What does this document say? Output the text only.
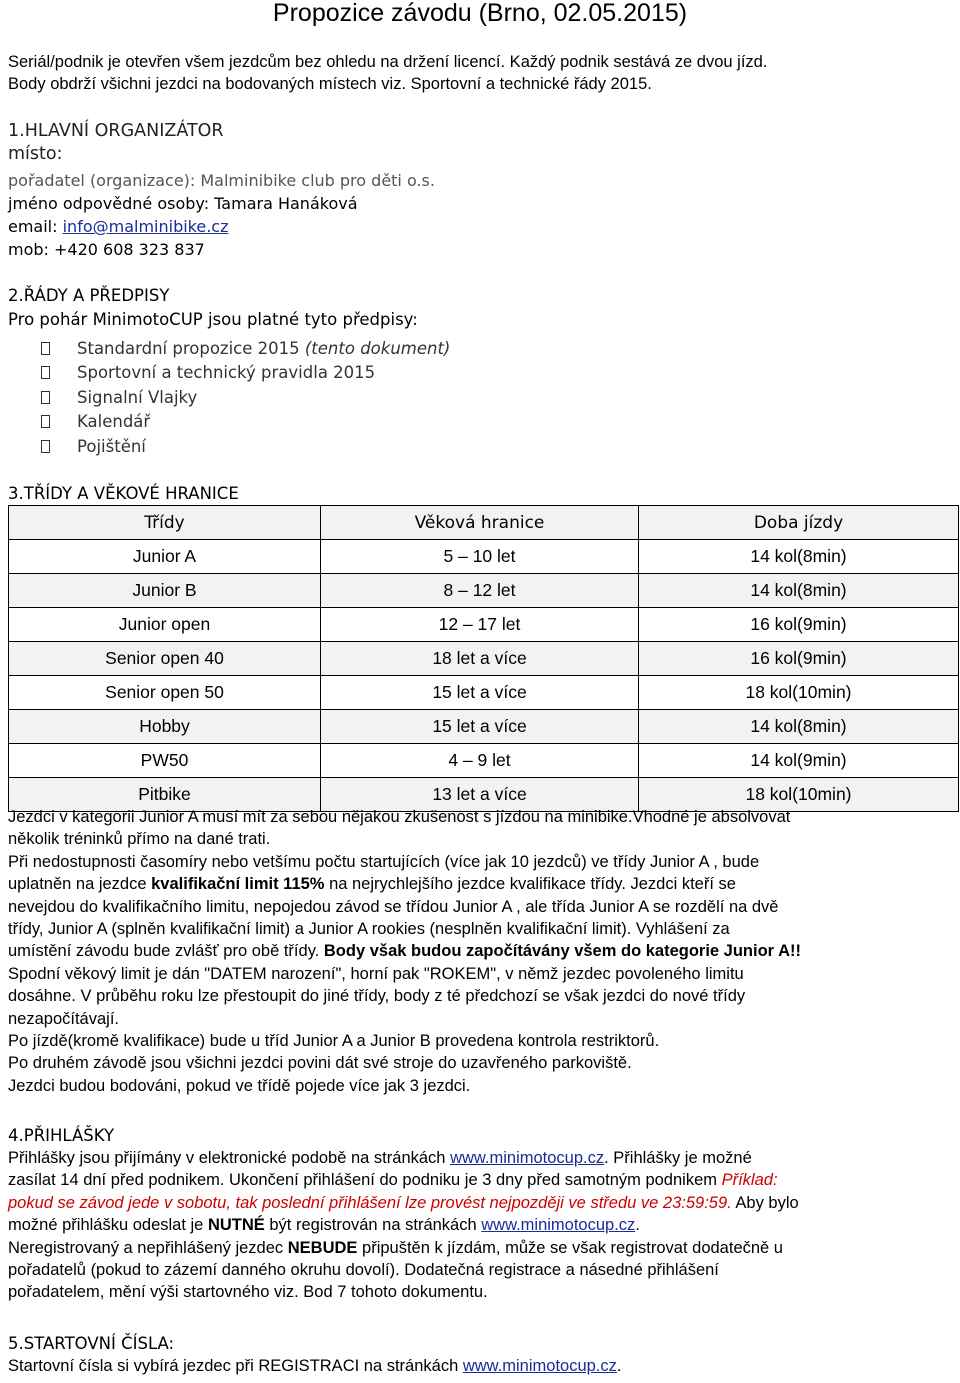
Propozice závodu (Brno, 02.05.2015)
Seriál/podnik je otevřen všem jezdcům bez ohledu na držení licencí. Každý podnik sestává ze dvou jízd.
Body obdrží všichni jezdci na bodovaných místech viz. Sportovní a technické řády 2015.
1.HLAVNÍ ORGANIZÁTOR
místo:
pořadatel (organizace): Malminibike club pro děti o.s.
jméno odpovědné osoby: Tamara Hanáková
email: info@malminibike.cz
mob: +420 608 323 837
2.ŘÁDY A PŘEDPISY
Pro pohár MinimotoCUP jsou platné tyto předpisy:
Standardní propozice 2015 (tento dokument)
Sportovní a technický pravidla 2015
Signalní Vlajky
Kalendář
Pojištění
3.TŘÍDY A VĚKOVÉ HRANICE
Třídy	Věková hranice	Doba jízdy
Junior A	5 – 10 let	14 kol(8min)
Junior B	8 – 12 let	14 kol(8min)
Junior open	12 – 17 let	16 kol(9min)
Senior open 40	18 let a více	16 kol(9min)
Senior open 50	15 let a více	18 kol(10min)
Hobby	15 let a více	14 kol(8min)
PW50	4 – 9 let	14 kol(9min)
Pitbike	13 let a více	18 kol(10min)
Jezdci v kategorii Junior A musí mít za sebou nějakou zkušenost s jízdou na minibike.Vhodné je absolvovat
několik tréninků přímo na dané trati.
Při nedostupnosti časomíry nebo vetšímu počtu startujících (více jak 10 jezdců) ve třídy Junior A , bude
uplatněn na jezdce kvalifikační limit 115% na nejrychlejšího jezdce kvalifikace třídy. Jezdci kteří se
nevejdou do kvalifikačního limitu, nepojedou závod se třídou Junior A , ale třída Junior A se rozdělí na dvě
třídy, Junior A (splněn kvalifikační limit) a Junior A rookies (nesplněn kvalifikační limit). Vyhlášení za
umístění závodu bude zvlášť pro obě třídy. Body však budou započítávány všem do kategorie Junior A!!
Spodní věkový limit je dán "DATEM narození", horní pak "ROKEM", v němž jezdec povoleného limitu
dosáhne. V průběhu roku lze přestoupit do jiné třídy, body z té předchozí se však jezdci do nové třídy
nezapočítávají.
Po jízdě(kromě kvalifikace) bude u tříd Junior A a Junior B provedena kontrola restriktorů.
Po druhém závodě jsou všichni jezdci povini dát své stroje do uzavřeného parkoviště.
Jezdci budou bodováni, pokud ve třídě pojede více jak 3 jezdci.
4.PŘIHLÁŠKY
Přihlášky jsou přijímány v elektronické podobě na stránkách www.minimotocup.cz. Přihlášky je možné
zasílat 14 dní před podnikem. Ukončení přihlášení do podniku je 3 dny před samotným podnikem Příklad:
pokud se závod jede v sobotu, tak poslední přihlášení lze provést nejpozději ve středu ve 23:59:59. Aby bylo
možné přihlášku odeslat je NUTNÉ být registrován na stránkách www.minimotocup.cz.
Neregistrovaný a nepřihlášený jezdec NEBUDE připuštěn k jízdám, může se však registrovat dodatečně u
pořadatelů (pokud to zázemí danného okruhu dovolí). Dodatečná registrace a násedné přihlášení
pořadatelem, mění výši startovného viz. Bod 7 tohoto dokumentu.
5.STARTOVNÍ ČÍSLA:
Startovní čísla si vybírá jezdec při REGISTRACI na stránkách www.minimotocup.cz.
